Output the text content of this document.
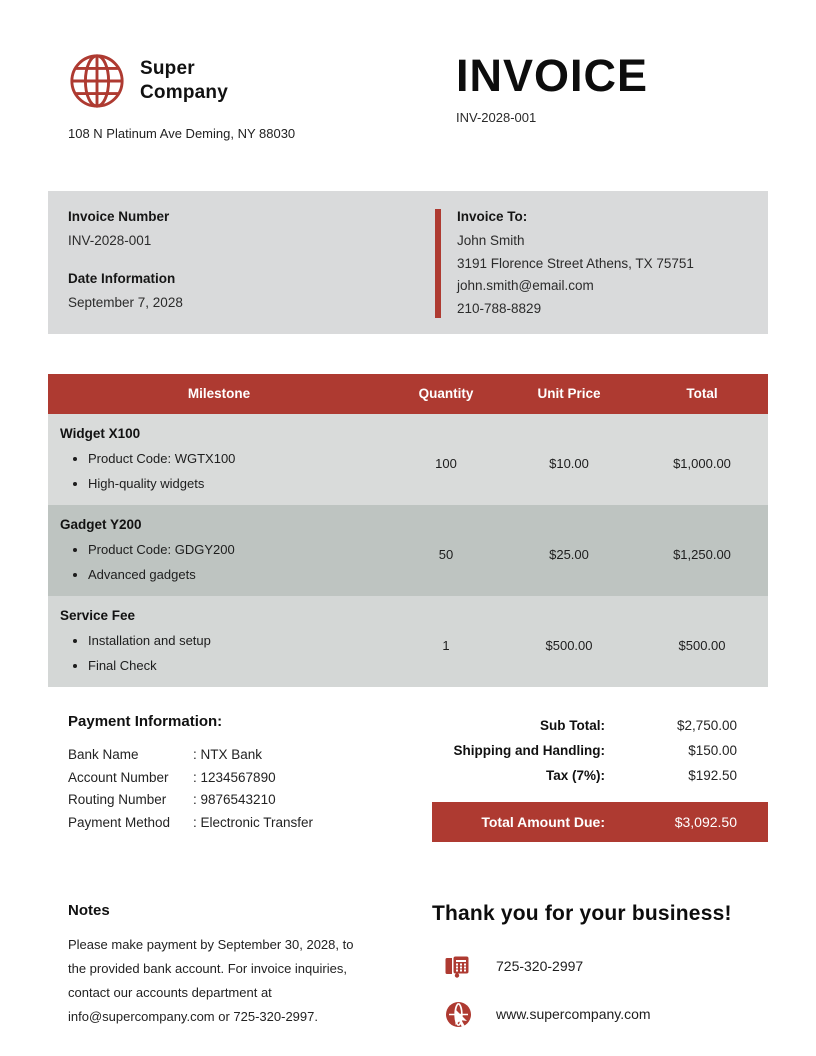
Super
Company
108 N Platinum Ave Deming, NY 88030
INVOICE
INV-2028-001
Invoice Number
INV-2028-001
Date Information
September 7, 2028
Invoice To:
John Smith
3191 Florence Street Athens, TX 75751
john.smith@email.com
210-788-8829
Milestone	Quantity	Unit Price	Total
Widget X100
• Product Code: WGTX100
• High-quality widgets
100	$10.00	$1,000.00
Gadget Y200
• Product Code: GDGY200
• Advanced gadgets
50	$25.00	$1,250.00
Service Fee
• Installation and setup
• Final Check
1	$500.00	$500.00
Payment Information:
Bank Name	: NTX Bank
Account Number	: 1234567890
Routing Number	: 9876543210
Payment Method	: Electronic Transfer
Sub Total:	$2,750.00
Shipping and Handling:	$150.00
Tax (7%):	$192.50
Total Amount Due:	$3,092.50
Notes
Please make payment by September 30, 2028, to the provided bank account. For invoice inquiries, contact our accounts department at info@supercompany.com or 725-320-2997.
Thank you for your business!
725-320-2997
www.supercompany.com
